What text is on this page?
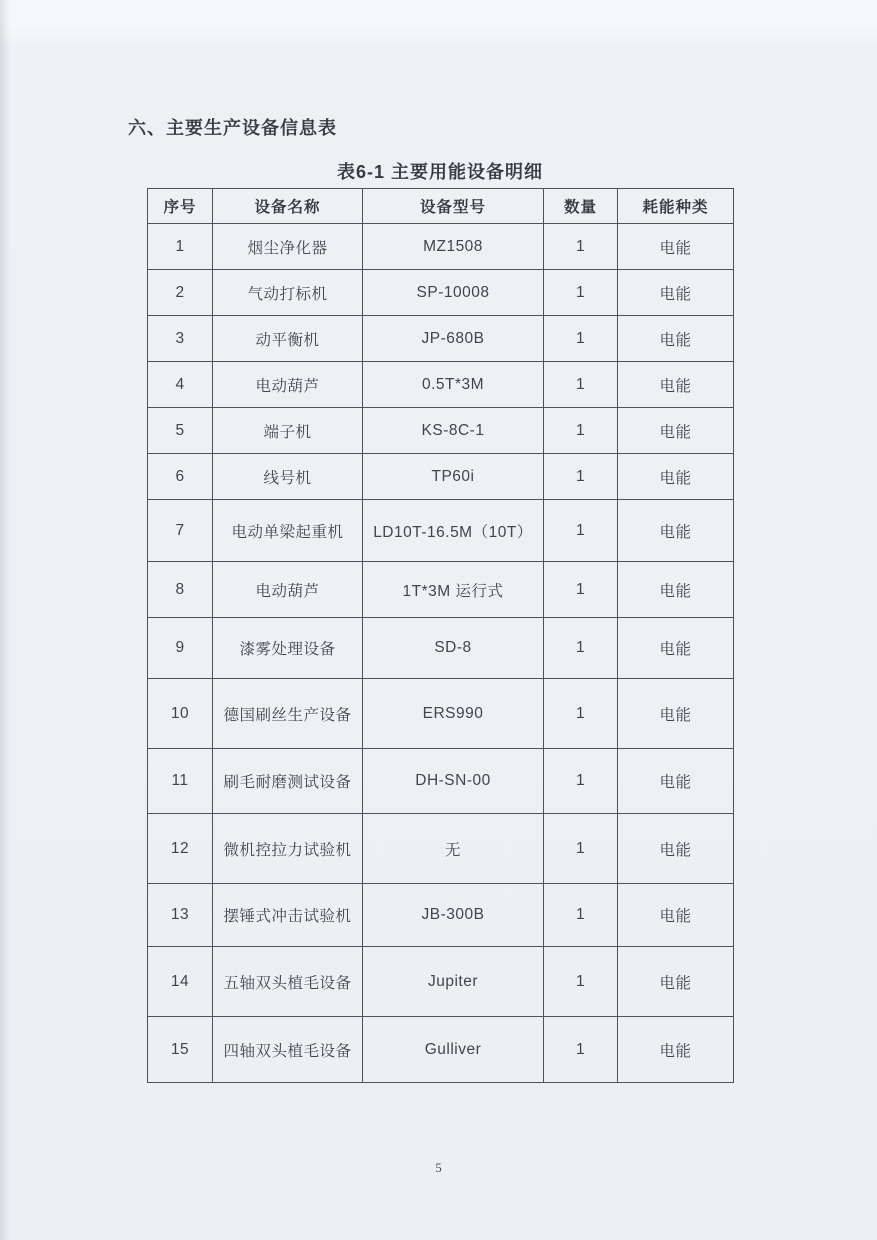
六、主要生产设备信息表
表6-1 主要用能设备明细
序号	设备名称	设备型号	数量	耗能种类
1	烟尘净化器	MZ1508	1	电能
2	气动打标机	SP-10008	1	电能
3	动平衡机	JP-680B	1	电能
4	电动葫芦	0.5T*3M	1	电能
5	端子机	KS-8C-1	1	电能
6	线号机	TP60i	1	电能
7	电动单梁起重机	LD10T-16.5M（10T）	1	电能
8	电动葫芦	1T*3M 运行式	1	电能
9	漆雾处理设备	SD-8	1	电能
10	德国刷丝生产设备	ERS990	1	电能
11	刷毛耐磨测试设备	DH-SN-00	1	电能
12	微机控拉力试验机	无	1	电能
13	摆锤式冲击试验机	JB-300B	1	电能
14	五轴双头植毛设备	Jupiter	1	电能
15	四轴双头植毛设备	Gulliver	1	电能
5
